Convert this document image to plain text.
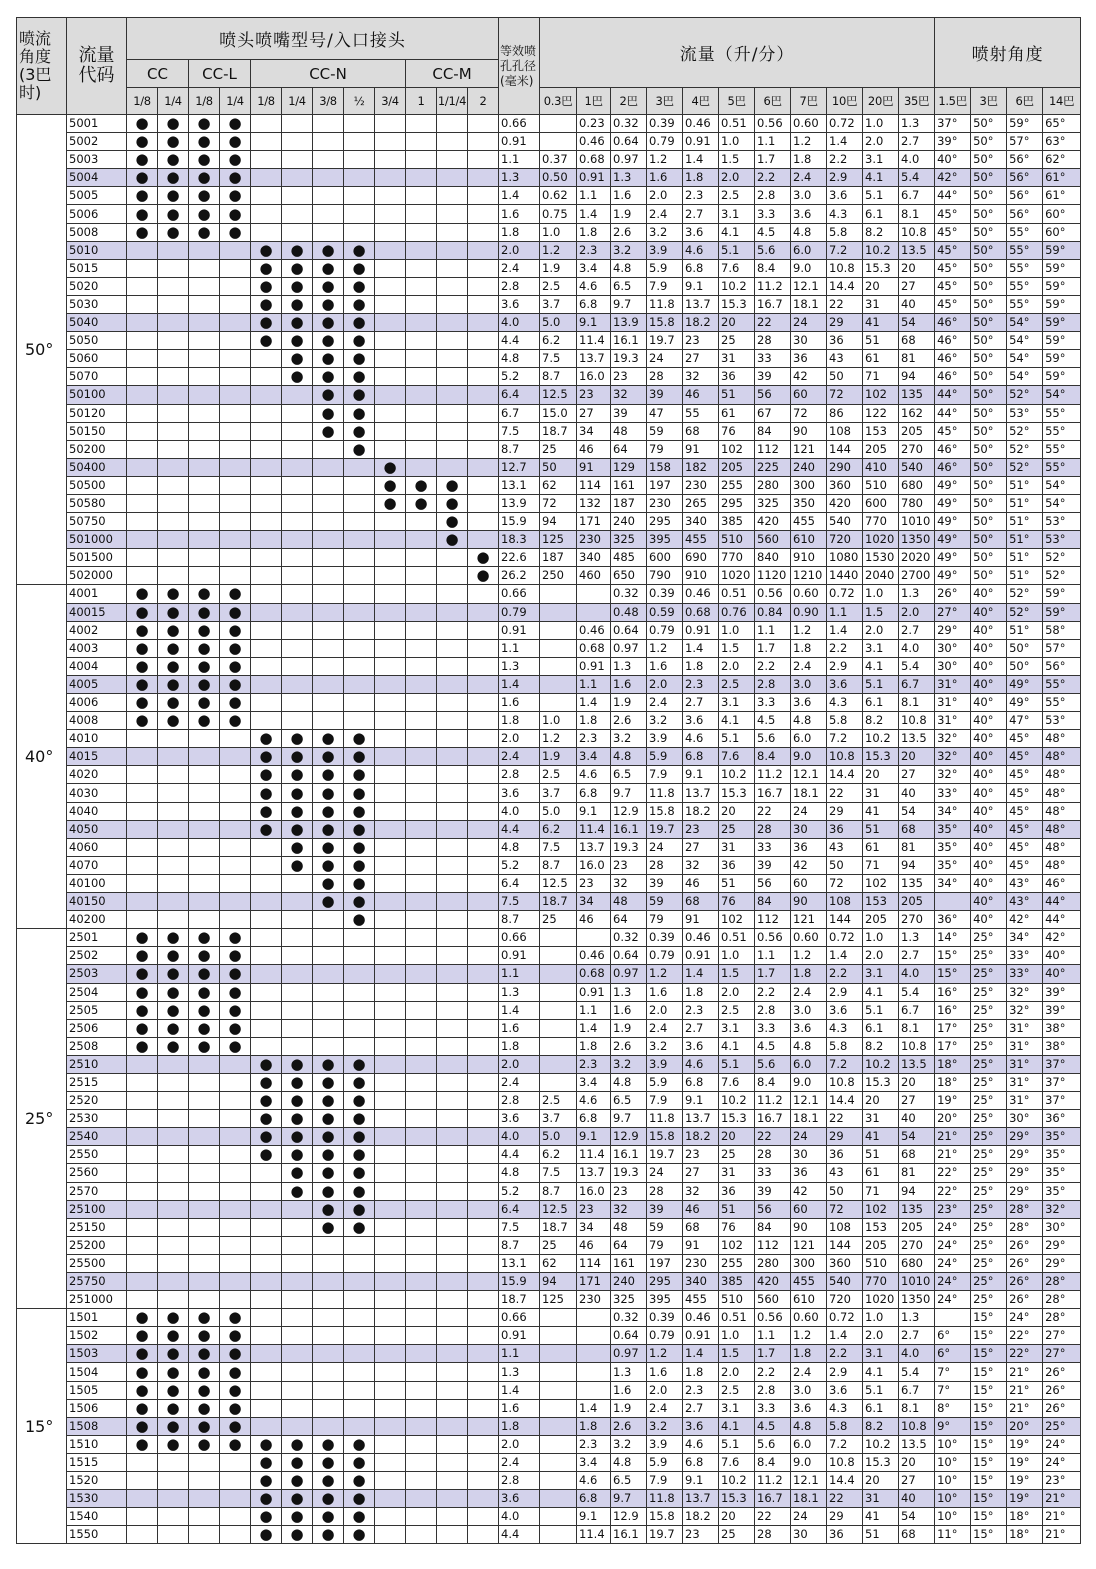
喷流角度(3巴时)	流量代码	喷头喷嘴型号/入口接头												等效喷孔孔径(毫米)	流量（升/分）											喷射角度			
		CC		CC-L		CC-N					CC-M																		
		1/8	1/4	1/8	1/4	1/8	1/4	3/8	½	3/4	1	1/1/4	2		0.3巴	1巴	2巴	3巴	4巴	5巴	6巴	7巴	10巴	20巴	35巴	1.5巴	3巴	6巴	14巴
50°	5001	●	●	●	●									0.66		0.23	0.32	0.39	0.46	0.51	0.56	0.60	0.72	1.0	1.3	37°	50°	59°	65°
	5002	●	●	●	●									0.91		0.46	0.64	0.79	0.91	1.0	1.1	1.2	1.4	2.0	2.7	39°	50°	57°	63°
	5003	●	●	●	●									1.1	0.37	0.68	0.97	1.2	1.4	1.5	1.7	1.8	2.2	3.1	4.0	40°	50°	56°	62°
	5004	●	●	●	●									1.3	0.50	0.91	1.3	1.6	1.8	2.0	2.2	2.4	2.9	4.1	5.4	42°	50°	56°	61°
	5005	●	●	●	●									1.4	0.62	1.1	1.6	2.0	2.3	2.5	2.8	3.0	3.6	5.1	6.7	44°	50°	56°	61°
	5006	●	●	●	●									1.6	0.75	1.4	1.9	2.4	2.7	3.1	3.3	3.6	4.3	6.1	8.1	45°	50°	56°	60°
	5008	●	●	●	●									1.8	1.0	1.8	2.6	3.2	3.6	4.1	4.5	4.8	5.8	8.2	10.8	45°	50°	55°	60°
	5010					●	●	●	●					2.0	1.2	2.3	3.2	3.9	4.6	5.1	5.6	6.0	7.2	10.2	13.5	45°	50°	55°	59°
	5015					●	●	●	●					2.4	1.9	3.4	4.8	5.9	6.8	7.6	8.4	9.0	10.8	15.3	20	45°	50°	55°	59°
	5020					●	●	●	●					2.8	2.5	4.6	6.5	7.9	9.1	10.2	11.2	12.1	14.4	20	27	45°	50°	55°	59°
	5030					●	●	●	●					3.6	3.7	6.8	9.7	11.8	13.7	15.3	16.7	18.1	22	31	40	45°	50°	55°	59°
	5040					●	●	●	●					4.0	5.0	9.1	13.9	15.8	18.2	20	22	24	29	41	54	46°	50°	54°	59°
	5050					●	●	●	●					4.4	6.2	11.4	16.1	19.7	23	25	28	30	36	51	68	46°	50°	54°	59°
	5060						●	●	●					4.8	7.5	13.7	19.3	24	27	31	33	36	43	61	81	46°	50°	54°	59°
	5070						●	●	●					5.2	8.7	16.0	23	28	32	36	39	42	50	71	94	46°	50°	54°	59°
	50100							●	●					6.4	12.5	23	32	39	46	51	56	60	72	102	135	44°	50°	52°	54°
	50120							●	●					6.7	15.0	27	39	47	55	61	67	72	86	122	162	44°	50°	53°	55°
	50150							●	●					7.5	18.7	34	48	59	68	76	84	90	108	153	205	45°	50°	52°	55°
	50200								●					8.7	25	46	64	79	91	102	112	121	144	205	270	46°	50°	52°	55°
	50400									●				12.7	50	91	129	158	182	205	225	240	290	410	540	46°	50°	52°	55°
	50500									●	●	●		13.1	62	114	161	197	230	255	280	300	360	510	680	49°	50°	51°	54°
	50580									●	●	●		13.9	72	132	187	230	265	295	325	350	420	600	780	49°	50°	51°	54°
	50750											●		15.9	94	171	240	295	340	385	420	455	540	770	1010	49°	50°	51°	53°
	501000											●		18.3	125	230	325	395	455	510	560	610	720	1020	1350	49°	50°	51°	53°
	501500												●	22.6	187	340	485	600	690	770	840	910	1080	1530	2020	49°	50°	51°	52°
	502000												●	26.2	250	460	650	790	910	1020	1120	1210	1440	2040	2700	49°	50°	51°	52°
40°	4001	●	●	●	●									0.66			0.32	0.39	0.46	0.51	0.56	0.60	0.72	1.0	1.3	26°	40°	52°	59°
	40015	●	●	●	●									0.79			0.48	0.59	0.68	0.76	0.84	0.90	1.1	1.5	2.0	27°	40°	52°	59°
	4002	●	●	●	●									0.91		0.46	0.64	0.79	0.91	1.0	1.1	1.2	1.4	2.0	2.7	29°	40°	51°	58°
	4003	●	●	●	●									1.1		0.68	0.97	1.2	1.4	1.5	1.7	1.8	2.2	3.1	4.0	30°	40°	50°	57°
	4004	●	●	●	●									1.3		0.91	1.3	1.6	1.8	2.0	2.2	2.4	2.9	4.1	5.4	30°	40°	50°	56°
	4005	●	●	●	●									1.4		1.1	1.6	2.0	2.3	2.5	2.8	3.0	3.6	5.1	6.7	31°	40°	49°	55°
	4006	●	●	●	●									1.6		1.4	1.9	2.4	2.7	3.1	3.3	3.6	4.3	6.1	8.1	31°	40°	49°	55°
	4008	●	●	●	●									1.8	1.0	1.8	2.6	3.2	3.6	4.1	4.5	4.8	5.8	8.2	10.8	31°	40°	47°	53°
	4010					●	●	●	●					2.0	1.2	2.3	3.2	3.9	4.6	5.1	5.6	6.0	7.2	10.2	13.5	32°	40°	45°	48°
	4015					●	●	●	●					2.4	1.9	3.4	4.8	5.9	6.8	7.6	8.4	9.0	10.8	15.3	20	32°	40°	45°	48°
	4020					●	●	●	●					2.8	2.5	4.6	6.5	7.9	9.1	10.2	11.2	12.1	14.4	20	27	32°	40°	45°	48°
	4030					●	●	●	●					3.6	3.7	6.8	9.7	11.8	13.7	15.3	16.7	18.1	22	31	40	33°	40°	45°	48°
	4040					●	●	●	●					4.0	5.0	9.1	12.9	15.8	18.2	20	22	24	29	41	54	34°	40°	45°	48°
	4050					●	●	●	●					4.4	6.2	11.4	16.1	19.7	23	25	28	30	36	51	68	35°	40°	45°	48°
	4060						●	●	●					4.8	7.5	13.7	19.3	24	27	31	33	36	43	61	81	35°	40°	45°	48°
	4070						●	●	●					5.2	8.7	16.0	23	28	32	36	39	42	50	71	94	35°	40°	45°	48°
	40100							●	●					6.4	12.5	23	32	39	46	51	56	60	72	102	135	34°	40°	43°	46°
	40150							●	●					7.5	18.7	34	48	59	68	76	84	90	108	153	205		40°	43°	44°
	40200								●					8.7	25	46	64	79	91	102	112	121	144	205	270	36°	40°	42°	44°
25°	2501	●	●	●	●									0.66			0.32	0.39	0.46	0.51	0.56	0.60	0.72	1.0	1.3	14°	25°	34°	42°
	2502	●	●	●	●									0.91		0.46	0.64	0.79	0.91	1.0	1.1	1.2	1.4	2.0	2.7	15°	25°	33°	40°
	2503	●	●	●	●									1.1		0.68	0.97	1.2	1.4	1.5	1.7	1.8	2.2	3.1	4.0	15°	25°	33°	40°
	2504	●	●	●	●									1.3		0.91	1.3	1.6	1.8	2.0	2.2	2.4	2.9	4.1	5.4	16°	25°	32°	39°
	2505	●	●	●	●									1.4		1.1	1.6	2.0	2.3	2.5	2.8	3.0	3.6	5.1	6.7	16°	25°	32°	39°
	2506	●	●	●	●									1.6		1.4	1.9	2.4	2.7	3.1	3.3	3.6	4.3	6.1	8.1	17°	25°	31°	38°
	2508	●	●	●	●									1.8		1.8	2.6	3.2	3.6	4.1	4.5	4.8	5.8	8.2	10.8	17°	25°	31°	38°
	2510					●	●	●	●					2.0		2.3	3.2	3.9	4.6	5.1	5.6	6.0	7.2	10.2	13.5	18°	25°	31°	37°
	2515					●	●	●	●					2.4		3.4	4.8	5.9	6.8	7.6	8.4	9.0	10.8	15.3	20	18°	25°	31°	37°
	2520					●	●	●	●					2.8	2.5	4.6	6.5	7.9	9.1	10.2	11.2	12.1	14.4	20	27	19°	25°	31°	37°
	2530					●	●	●	●					3.6	3.7	6.8	9.7	11.8	13.7	15.3	16.7	18.1	22	31	40	20°	25°	30°	36°
	2540					●	●	●	●					4.0	5.0	9.1	12.9	15.8	18.2	20	22	24	29	41	54	21°	25°	29°	35°
	2550					●	●	●	●					4.4	6.2	11.4	16.1	19.7	23	25	28	30	36	51	68	21°	25°	29°	35°
	2560						●	●	●					4.8	7.5	13.7	19.3	24	27	31	33	36	43	61	81	22°	25°	29°	35°
	2570						●	●	●					5.2	8.7	16.0	23	28	32	36	39	42	50	71	94	22°	25°	29°	35°
	25100							●	●					6.4	12.5	23	32	39	46	51	56	60	72	102	135	23°	25°	28°	32°
	25150							●	●					7.5	18.7	34	48	59	68	76	84	90	108	153	205	24°	25°	28°	30°
	25200													8.7	25	46	64	79	91	102	112	121	144	205	270	24°	25°	26°	29°
	25500													13.1	62	114	161	197	230	255	280	300	360	510	680	24°	25°	26°	29°
	25750													15.9	94	171	240	295	340	385	420	455	540	770	1010	24°	25°	26°	28°
	251000													18.7	125	230	325	395	455	510	560	610	720	1020	1350	24°	25°	26°	28°
15°	1501	●	●	●	●									0.66			0.32	0.39	0.46	0.51	0.56	0.60	0.72	1.0	1.3		15°	24°	28°
	1502	●	●	●	●									0.91			0.64	0.79	0.91	1.0	1.1	1.2	1.4	2.0	2.7	6°	15°	22°	27°
	1503	●	●	●	●									1.1			0.97	1.2	1.4	1.5	1.7	1.8	2.2	3.1	4.0	6°	15°	22°	27°
	1504	●	●	●	●									1.3			1.3	1.6	1.8	2.0	2.2	2.4	2.9	4.1	5.4	7°	15°	21°	26°
	1505	●	●	●	●									1.4			1.6	2.0	2.3	2.5	2.8	3.0	3.6	5.1	6.7	7°	15°	21°	26°
	1506	●	●	●	●									1.6		1.4	1.9	2.4	2.7	3.1	3.3	3.6	4.3	6.1	8.1	8°	15°	21°	26°
	1508	●	●	●	●									1.8		1.8	2.6	3.2	3.6	4.1	4.5	4.8	5.8	8.2	10.8	9°	15°	20°	25°
	1510	●	●	●	●	●	●	●	●					2.0		2.3	3.2	3.9	4.6	5.1	5.6	6.0	7.2	10.2	13.5	10°	15°	19°	24°
	1515					●	●	●	●					2.4		3.4	4.8	5.9	6.8	7.6	8.4	9.0	10.8	15.3	20	10°	15°	19°	24°
	1520					●	●	●	●					2.8		4.6	6.5	7.9	9.1	10.2	11.2	12.1	14.4	20	27	10°	15°	19°	23°
	1530					●	●	●	●					3.6		6.8	9.7	11.8	13.7	15.3	16.7	18.1	22	31	40	10°	15°	19°	21°
	1540					●	●	●	●					4.0		9.1	12.9	15.8	18.2	20	22	24	29	41	54	10°	15°	18°	21°
	1550					●	●	●	●					4.4		11.4	16.1	19.7	23	25	28	30	36	51	68	11°	15°	18°	21°
